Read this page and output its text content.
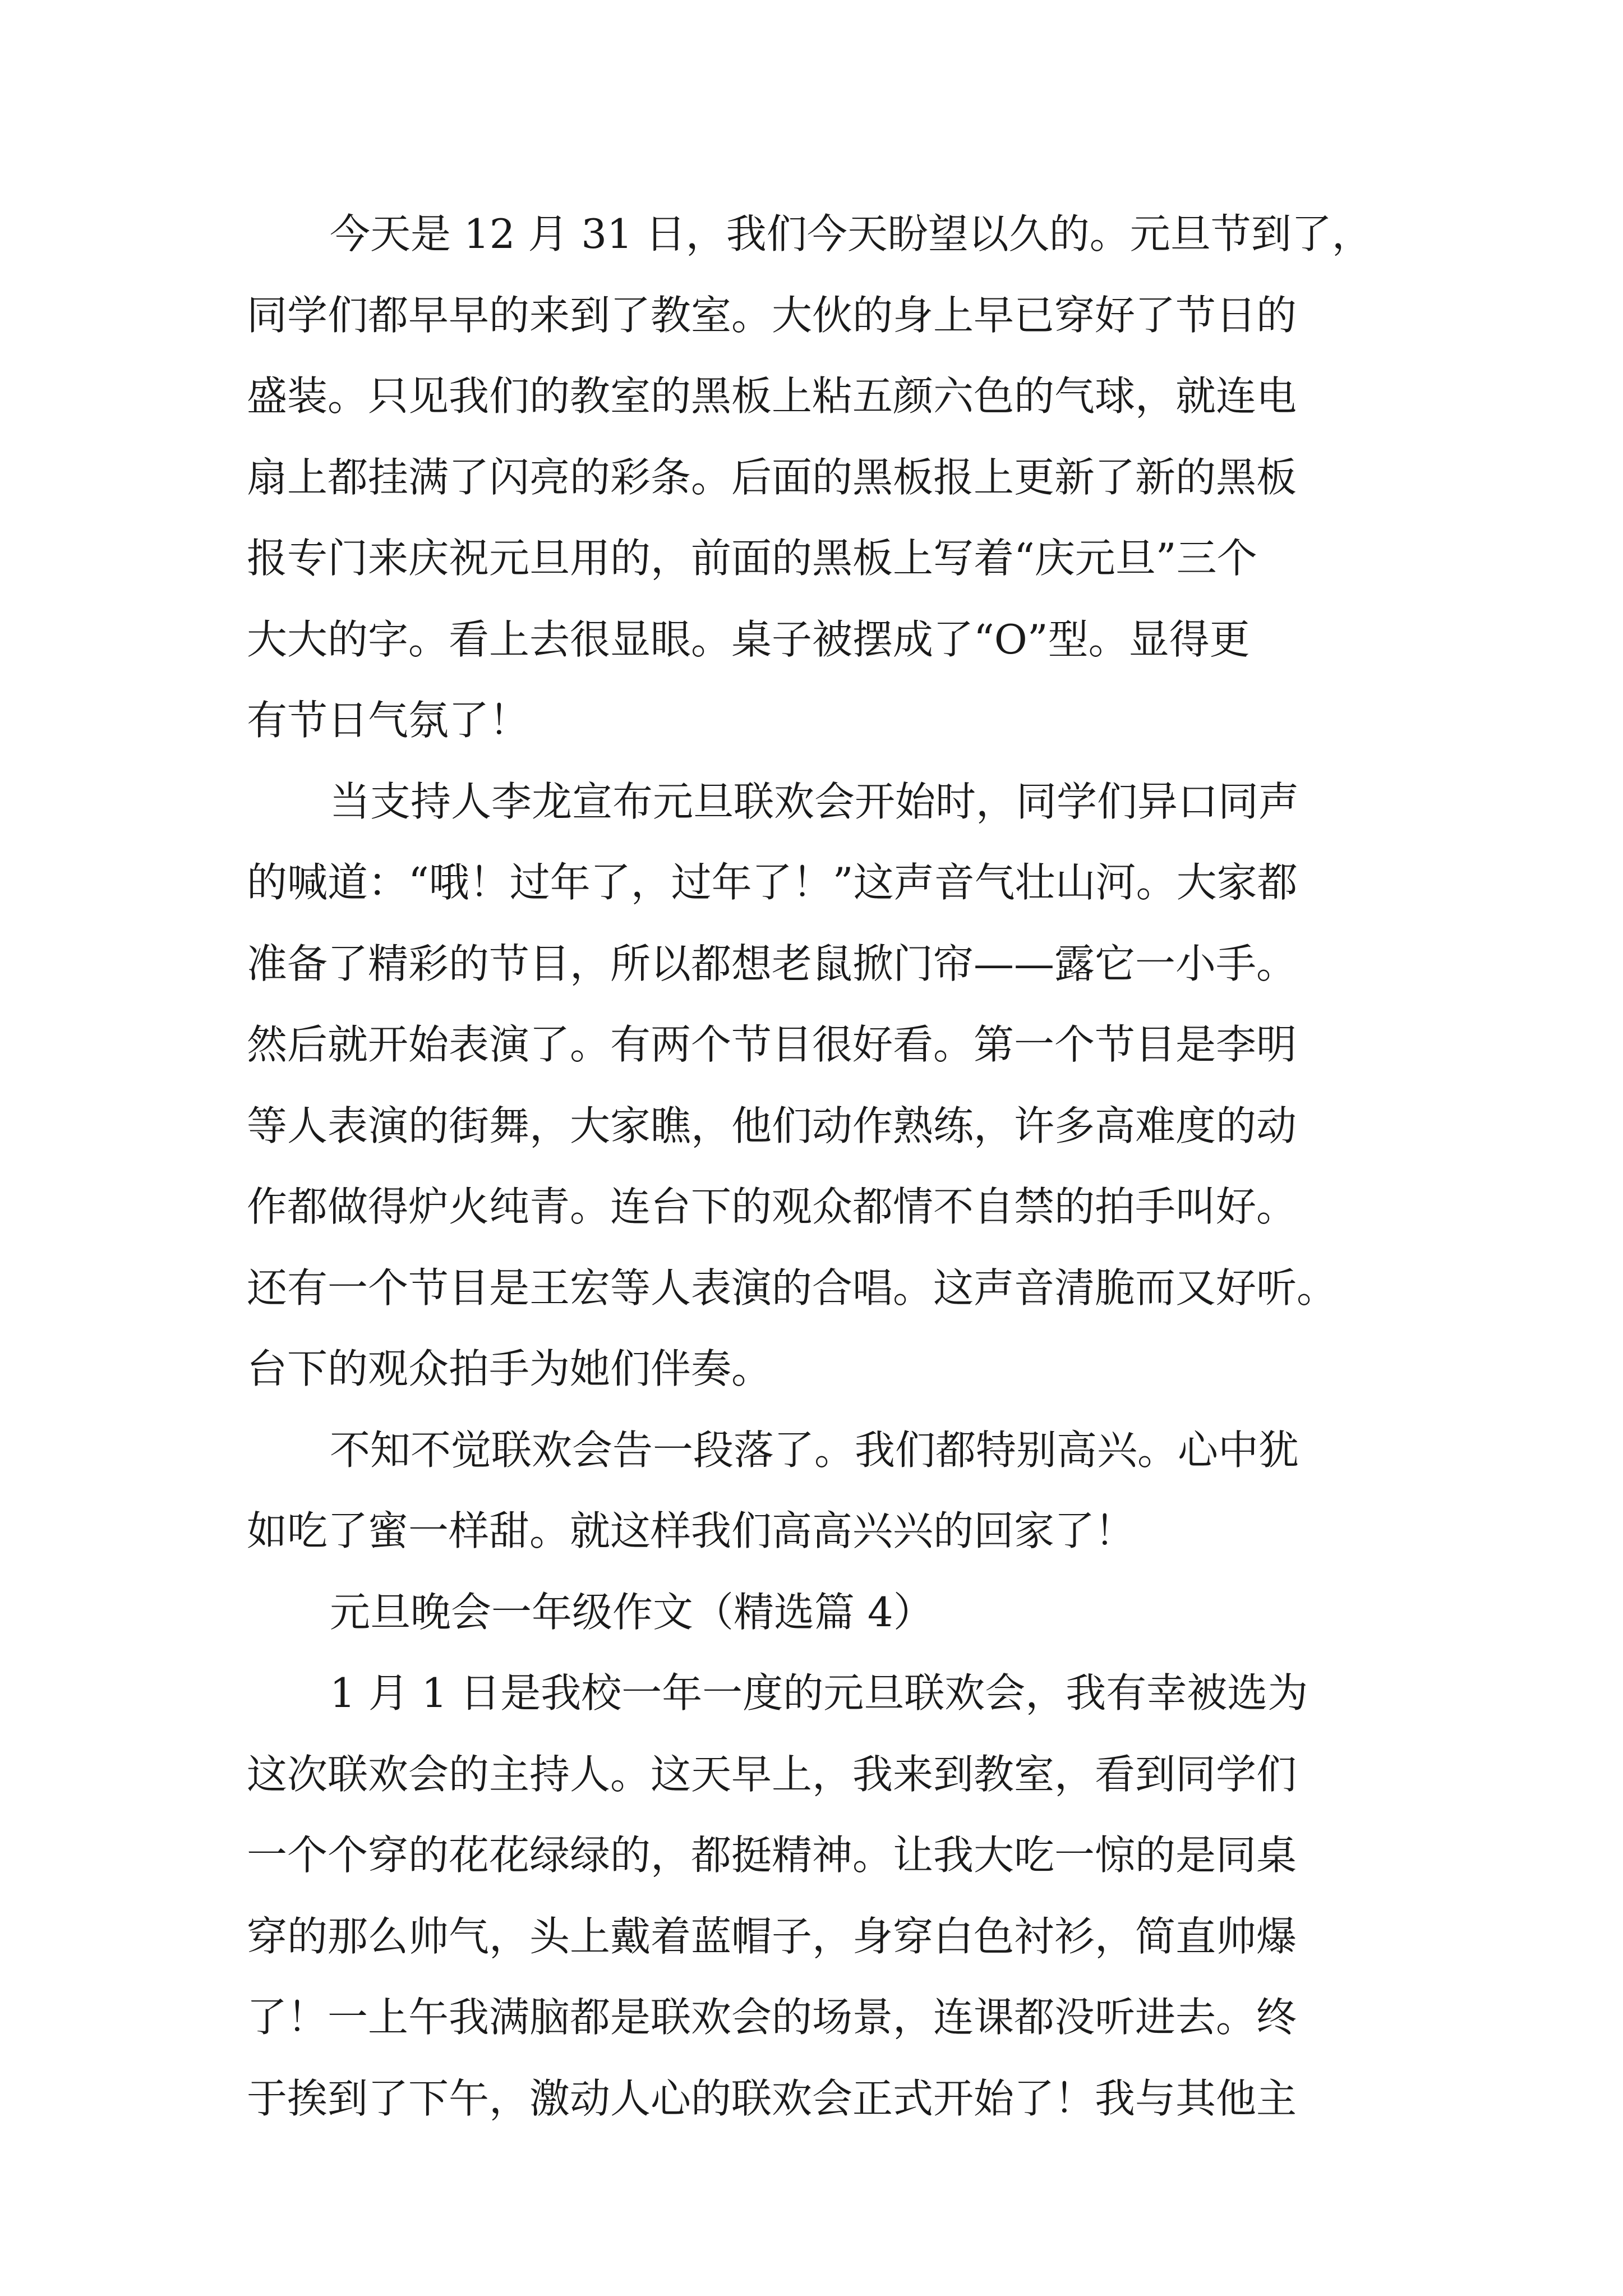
今天是 12 月 31 日，我们今天盼望以久的。元旦节到了，
同学们都早早的来到了教室。大伙的身上早已穿好了节日的
盛装。只见我们的教室的黑板上粘五颜六色的气球，就连电
扇上都挂满了闪亮的彩条。后面的黑板报上更新了新的黑板
报专门来庆祝元旦用的，前面的黑板上写着“庆元旦”三个
大大的字。看上去很显眼。桌子被摆成了“O”型。显得更
有节日气氛了！
当支持人李龙宣布元旦联欢会开始时，同学们异口同声
的喊道：“哦！过年了，过年了！”这声音气壮山河。大家都
准备了精彩的节目，所以都想老鼠掀门帘——露它一小手。
然后就开始表演了。有两个节目很好看。第一个节目是李明
等人表演的街舞，大家瞧，他们动作熟练，许多高难度的动
作都做得炉火纯青。连台下的观众都情不自禁的拍手叫好。
还有一个节目是王宏等人表演的合唱。这声音清脆而又好听。
台下的观众拍手为她们伴奏。
不知不觉联欢会告一段落了。我们都特别高兴。心中犹
如吃了蜜一样甜。就这样我们高高兴兴的回家了！
元旦晚会一年级作文（精选篇 4）
1 月 1 日是我校一年一度的元旦联欢会，我有幸被选为
这次联欢会的主持人。这天早上，我来到教室，看到同学们
一个个穿的花花绿绿的，都挺精神。让我大吃一惊的是同桌
穿的那么帅气，头上戴着蓝帽子，身穿白色衬衫，简直帅爆
了！一上午我满脑都是联欢会的场景，连课都没听进去。终
于挨到了下午，激动人心的联欢会正式开始了！我与其他主
